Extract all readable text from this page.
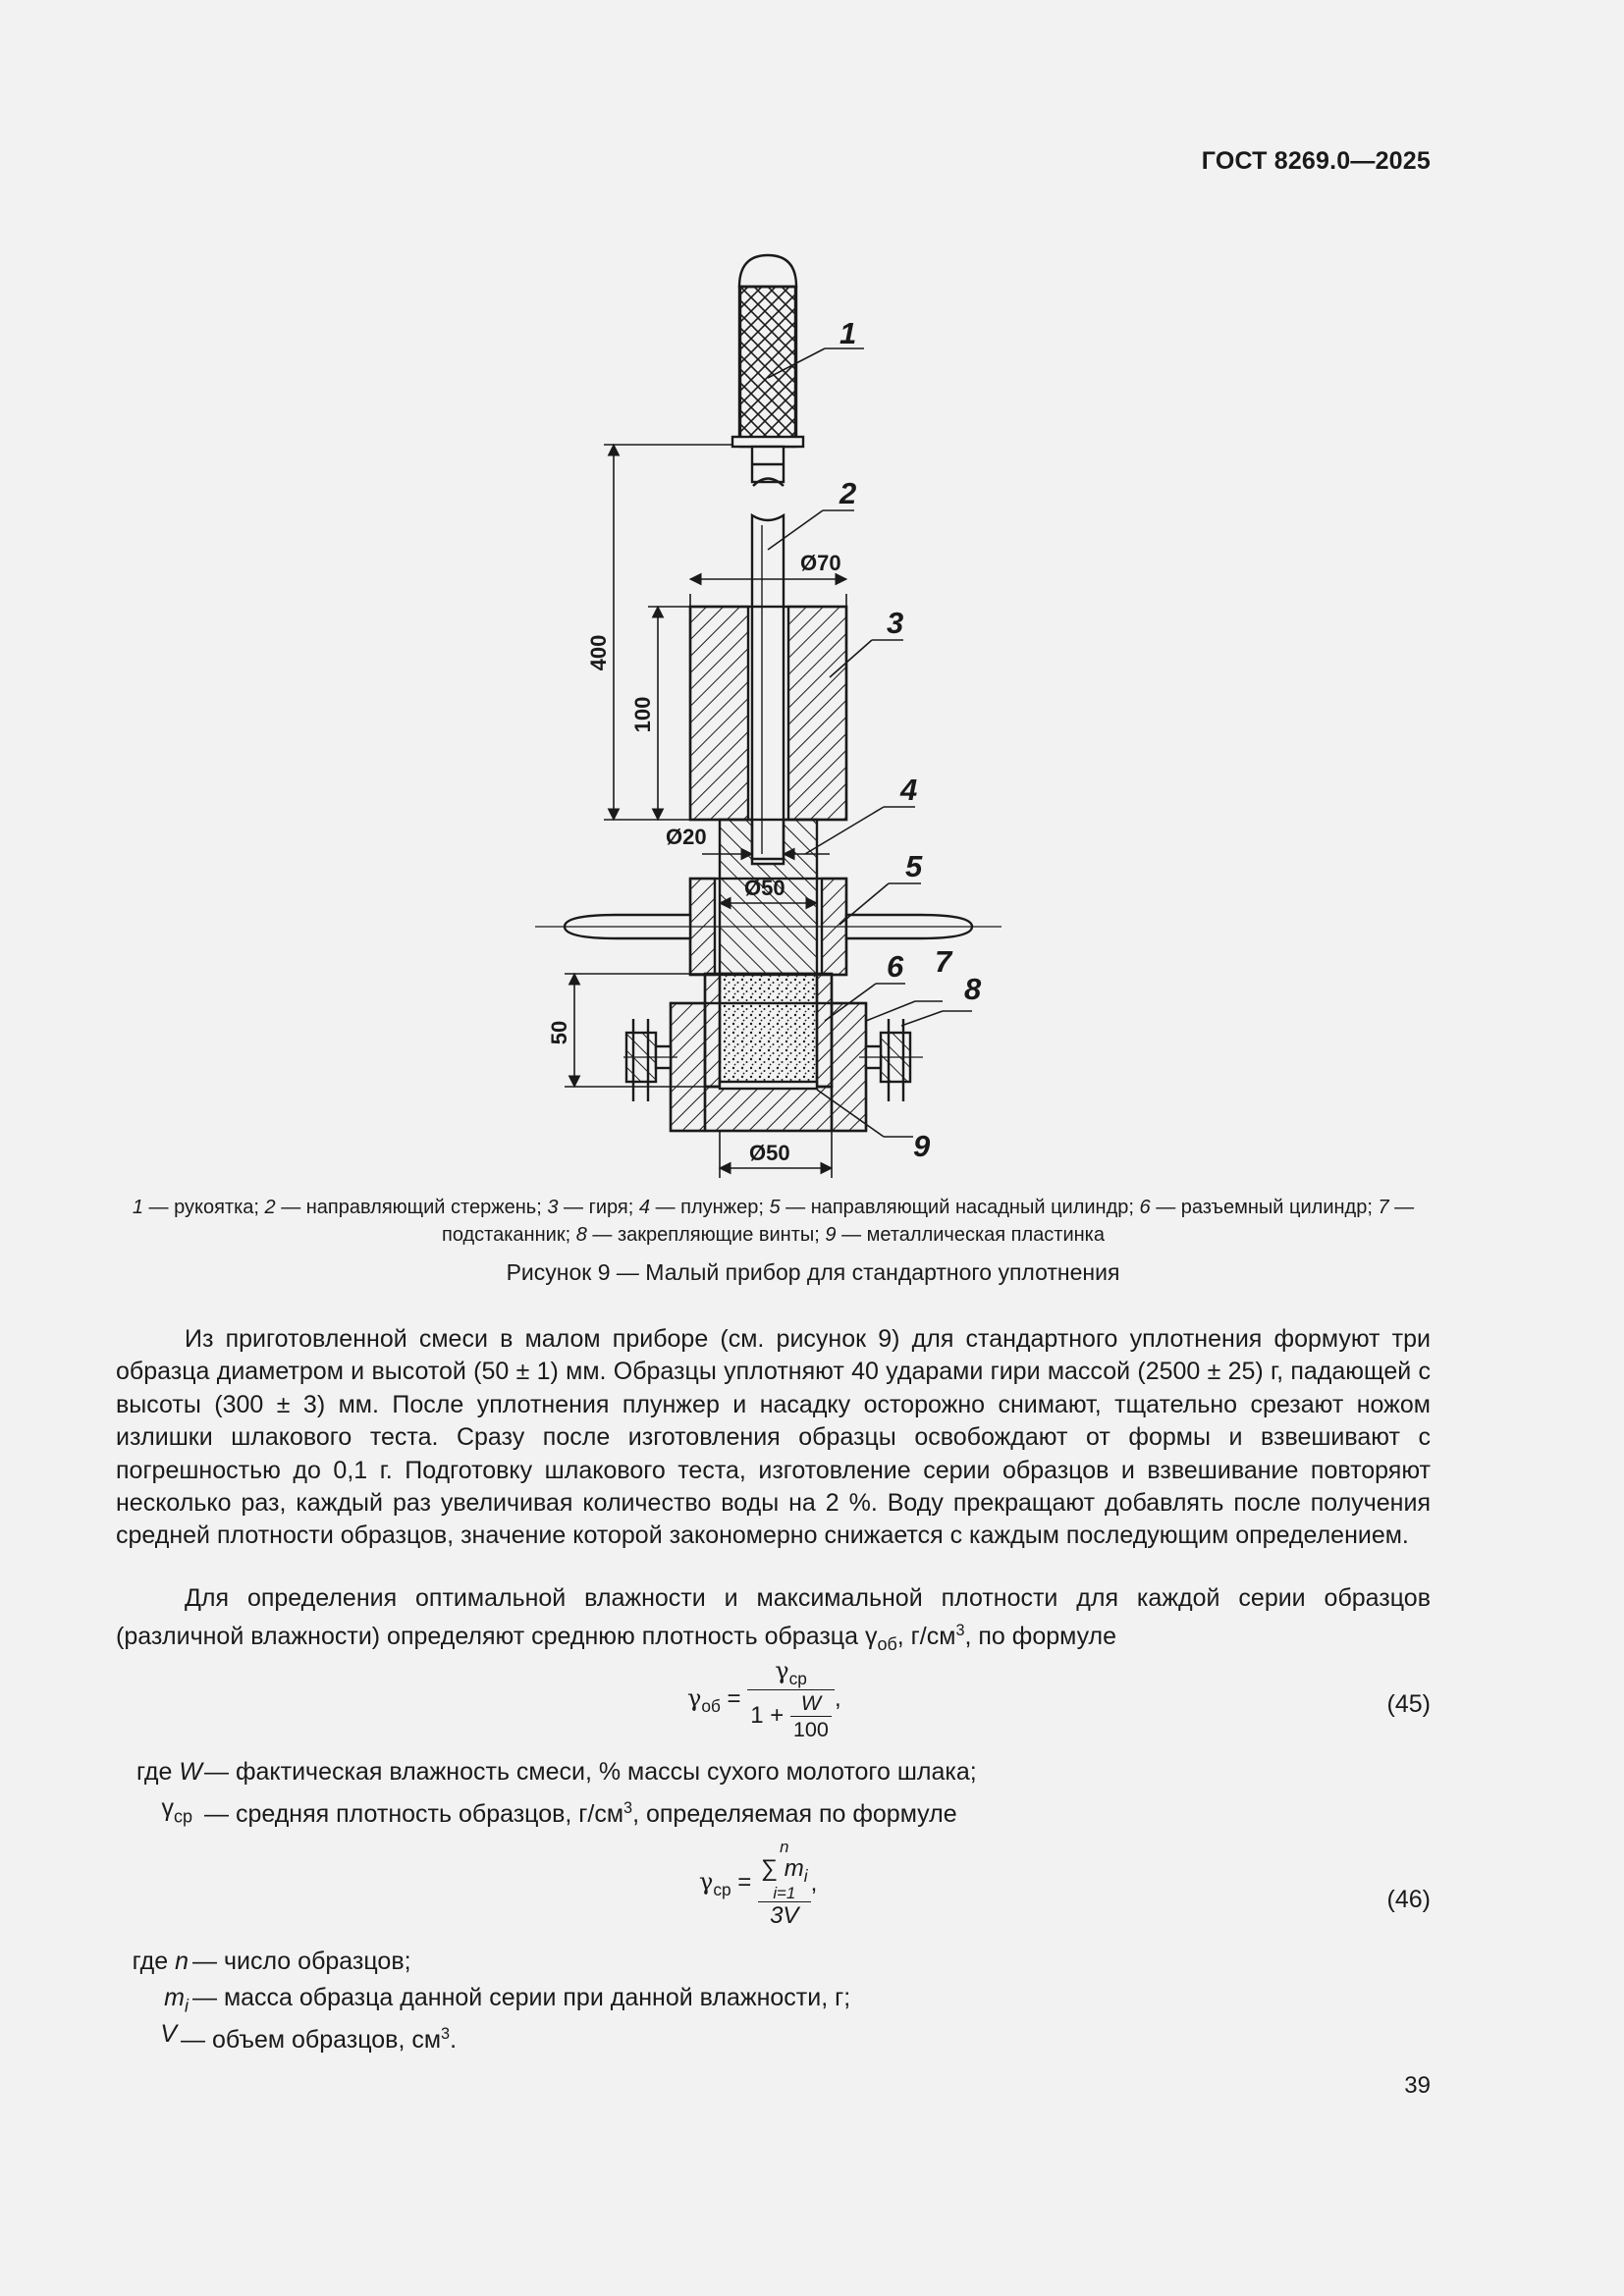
ГОСТ 8269.0—2025
1
2
3
4
5
6 7
8
9
Ø70
400
100
Ø20
Ø50
50
Ø50
1 — рукоятка; 2 — направляющий стержень; 3 — гиря; 4 — плунжер; 5 — направляющий насадный цилиндр; 6 — разъемный цилиндр; 7 — подстаканник; 8 — закрепляющие винты; 9 — металлическая пластинка
Рисунок 9 — Малый прибор для стандартного уплотнения

Из приготовленной смеси в малом приборе (см. рисунок 9) для стандартного уплотнения формуют три образца диаметром и высотой (50 ± 1) мм. Образцы уплотняют 40 ударами гири массой (2500 ± 25) г, падающей с высоты (300 ± 3) мм. После уплотнения плунжер и насадку осторожно снимают, тщательно срезают ножом излишки шлакового теста. Сразу после изготовления образцы освобождают от формы и взвешивают с погрешностью до 0,1 г. Подготовку шлакового теста, изготовление серии образцов и взвешивание повторяют несколько раз, каждый раз увеличивая количество воды на 2 %. Воду прекращают добавлять после получения средней плотности образцов, значение которой закономерно снижается с каждым последующим определением.

Для определения оптимальной влажности и максимальной плотности для каждой серии образцов (различной влажности) определяют среднюю плотность образца $\gamma_{об}$, $г/см^3$, по формуле

$\gamma_{об} = \frac{\gamma_{ср}}{1 + \frac{W}{100}}$ ,	(45)
где W — фактическая влажность смеси, % массы сухого молотого шлака;
$\gamma_{ср}$ — средняя плотность образцов, $г/см^3$, определяемая по формуле
$\gamma_{ср} = n$
∑ $m_i$
i=1
3V ,
(46)
где n — число образцов;
$m_i$ — масса образца данной серии при данной влажности, г;
V — объем образцов, $см^3$.
39
